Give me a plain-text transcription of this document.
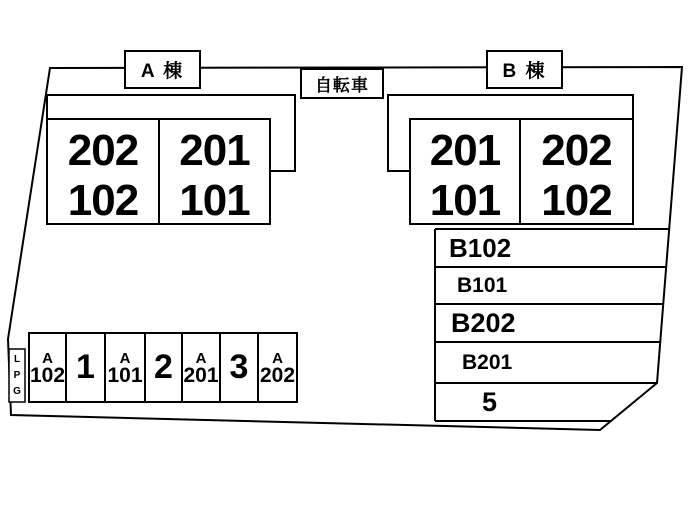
A 棟	B 棟
自転車
202
102
201
101
201
101
202
102
A
102 1	A
101 2	A
201 3	A
202
B102
B101
B202
B201
5
L
P
G
